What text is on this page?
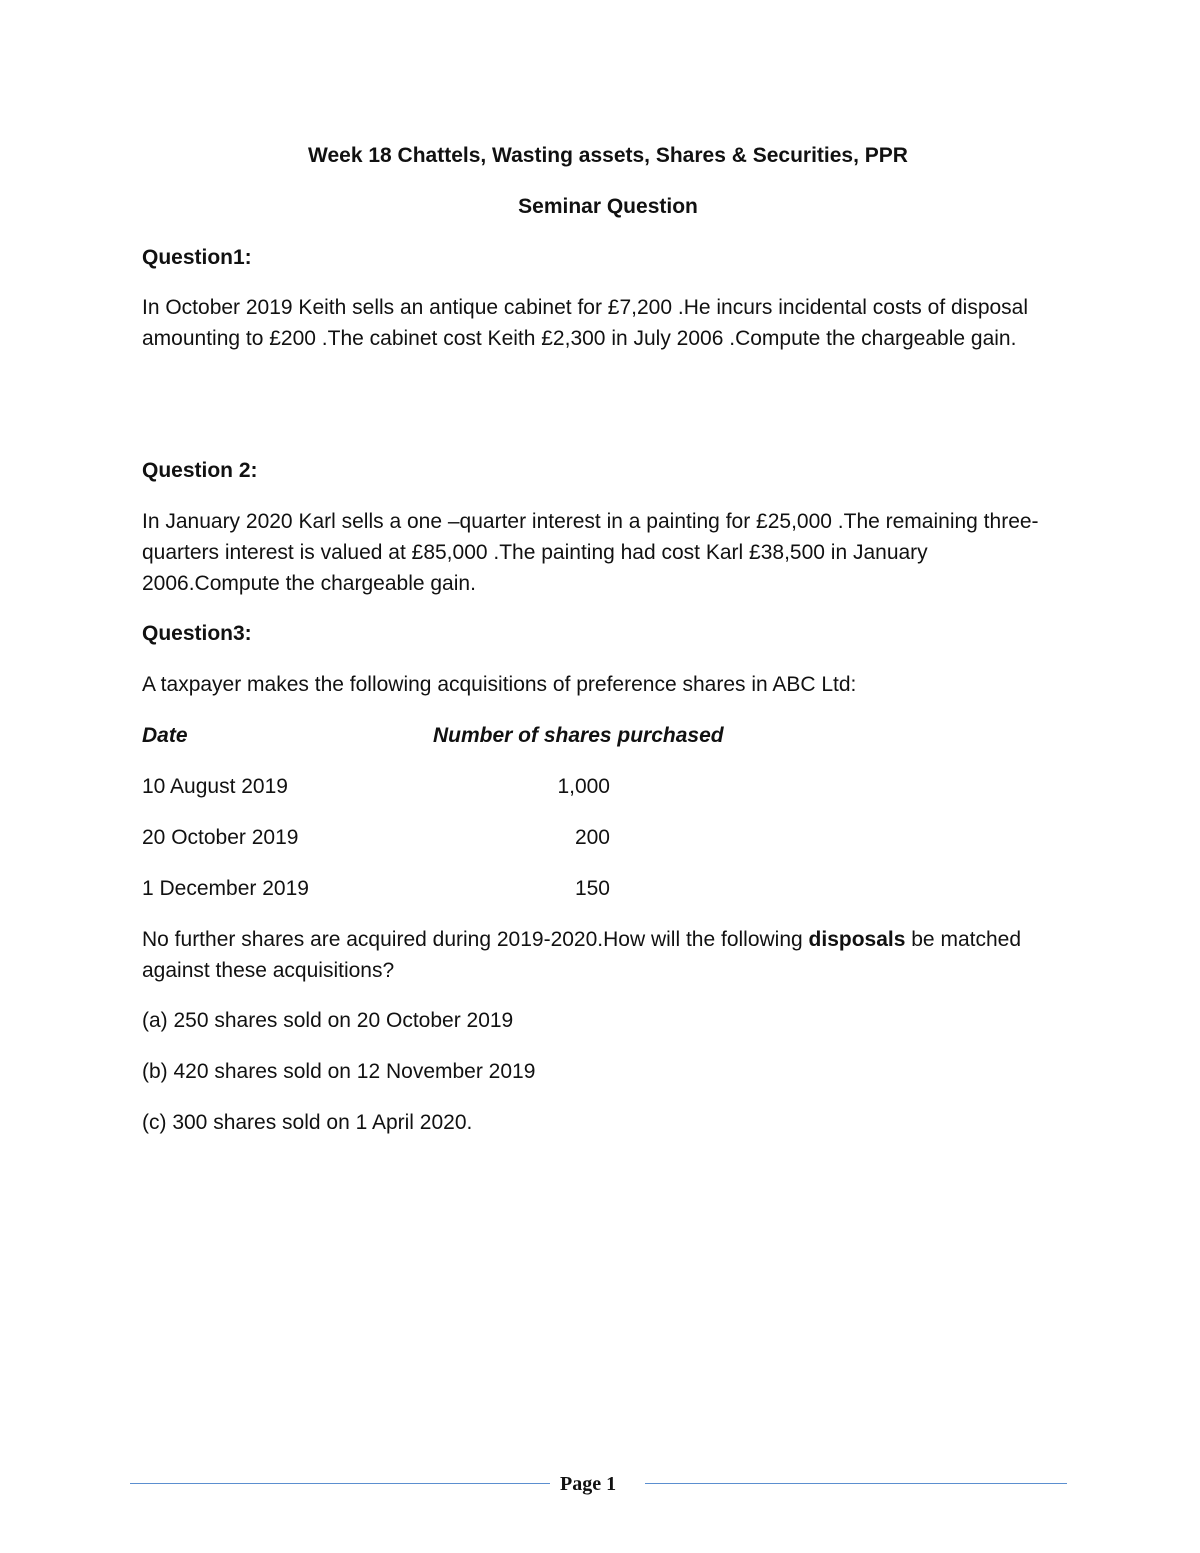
Week 18 Chattels, Wasting assets, Shares & Securities, PPR

Seminar Question

Question1:

In October 2019 Keith sells an antique cabinet for £7,200 .He incurs incidental costs of disposal amounting to £200 .The cabinet cost Keith £2,300 in July 2006 .Compute the chargeable gain.

Question 2:

In January 2020 Karl sells a one –quarter interest in a painting for £25,000 .The remaining three-quarters interest is valued at £85,000 .The painting had cost Karl £38,500 in January 2006.Compute the chargeable gain.

Question3:

A taxpayer makes the following acquisitions of preference shares in ABC Ltd:

Date	Number of shares purchased

10 August 2019	1,000

20 October 2019	200

1 December 2019	150

No further shares are acquired during 2019-2020.How will the following disposals be matched against these acquisitions?

(a) 250 shares sold on 20 October 2019

(b) 420 shares sold on 12 November 2019

(c) 300 shares sold on 1 April 2020.

Page 1
